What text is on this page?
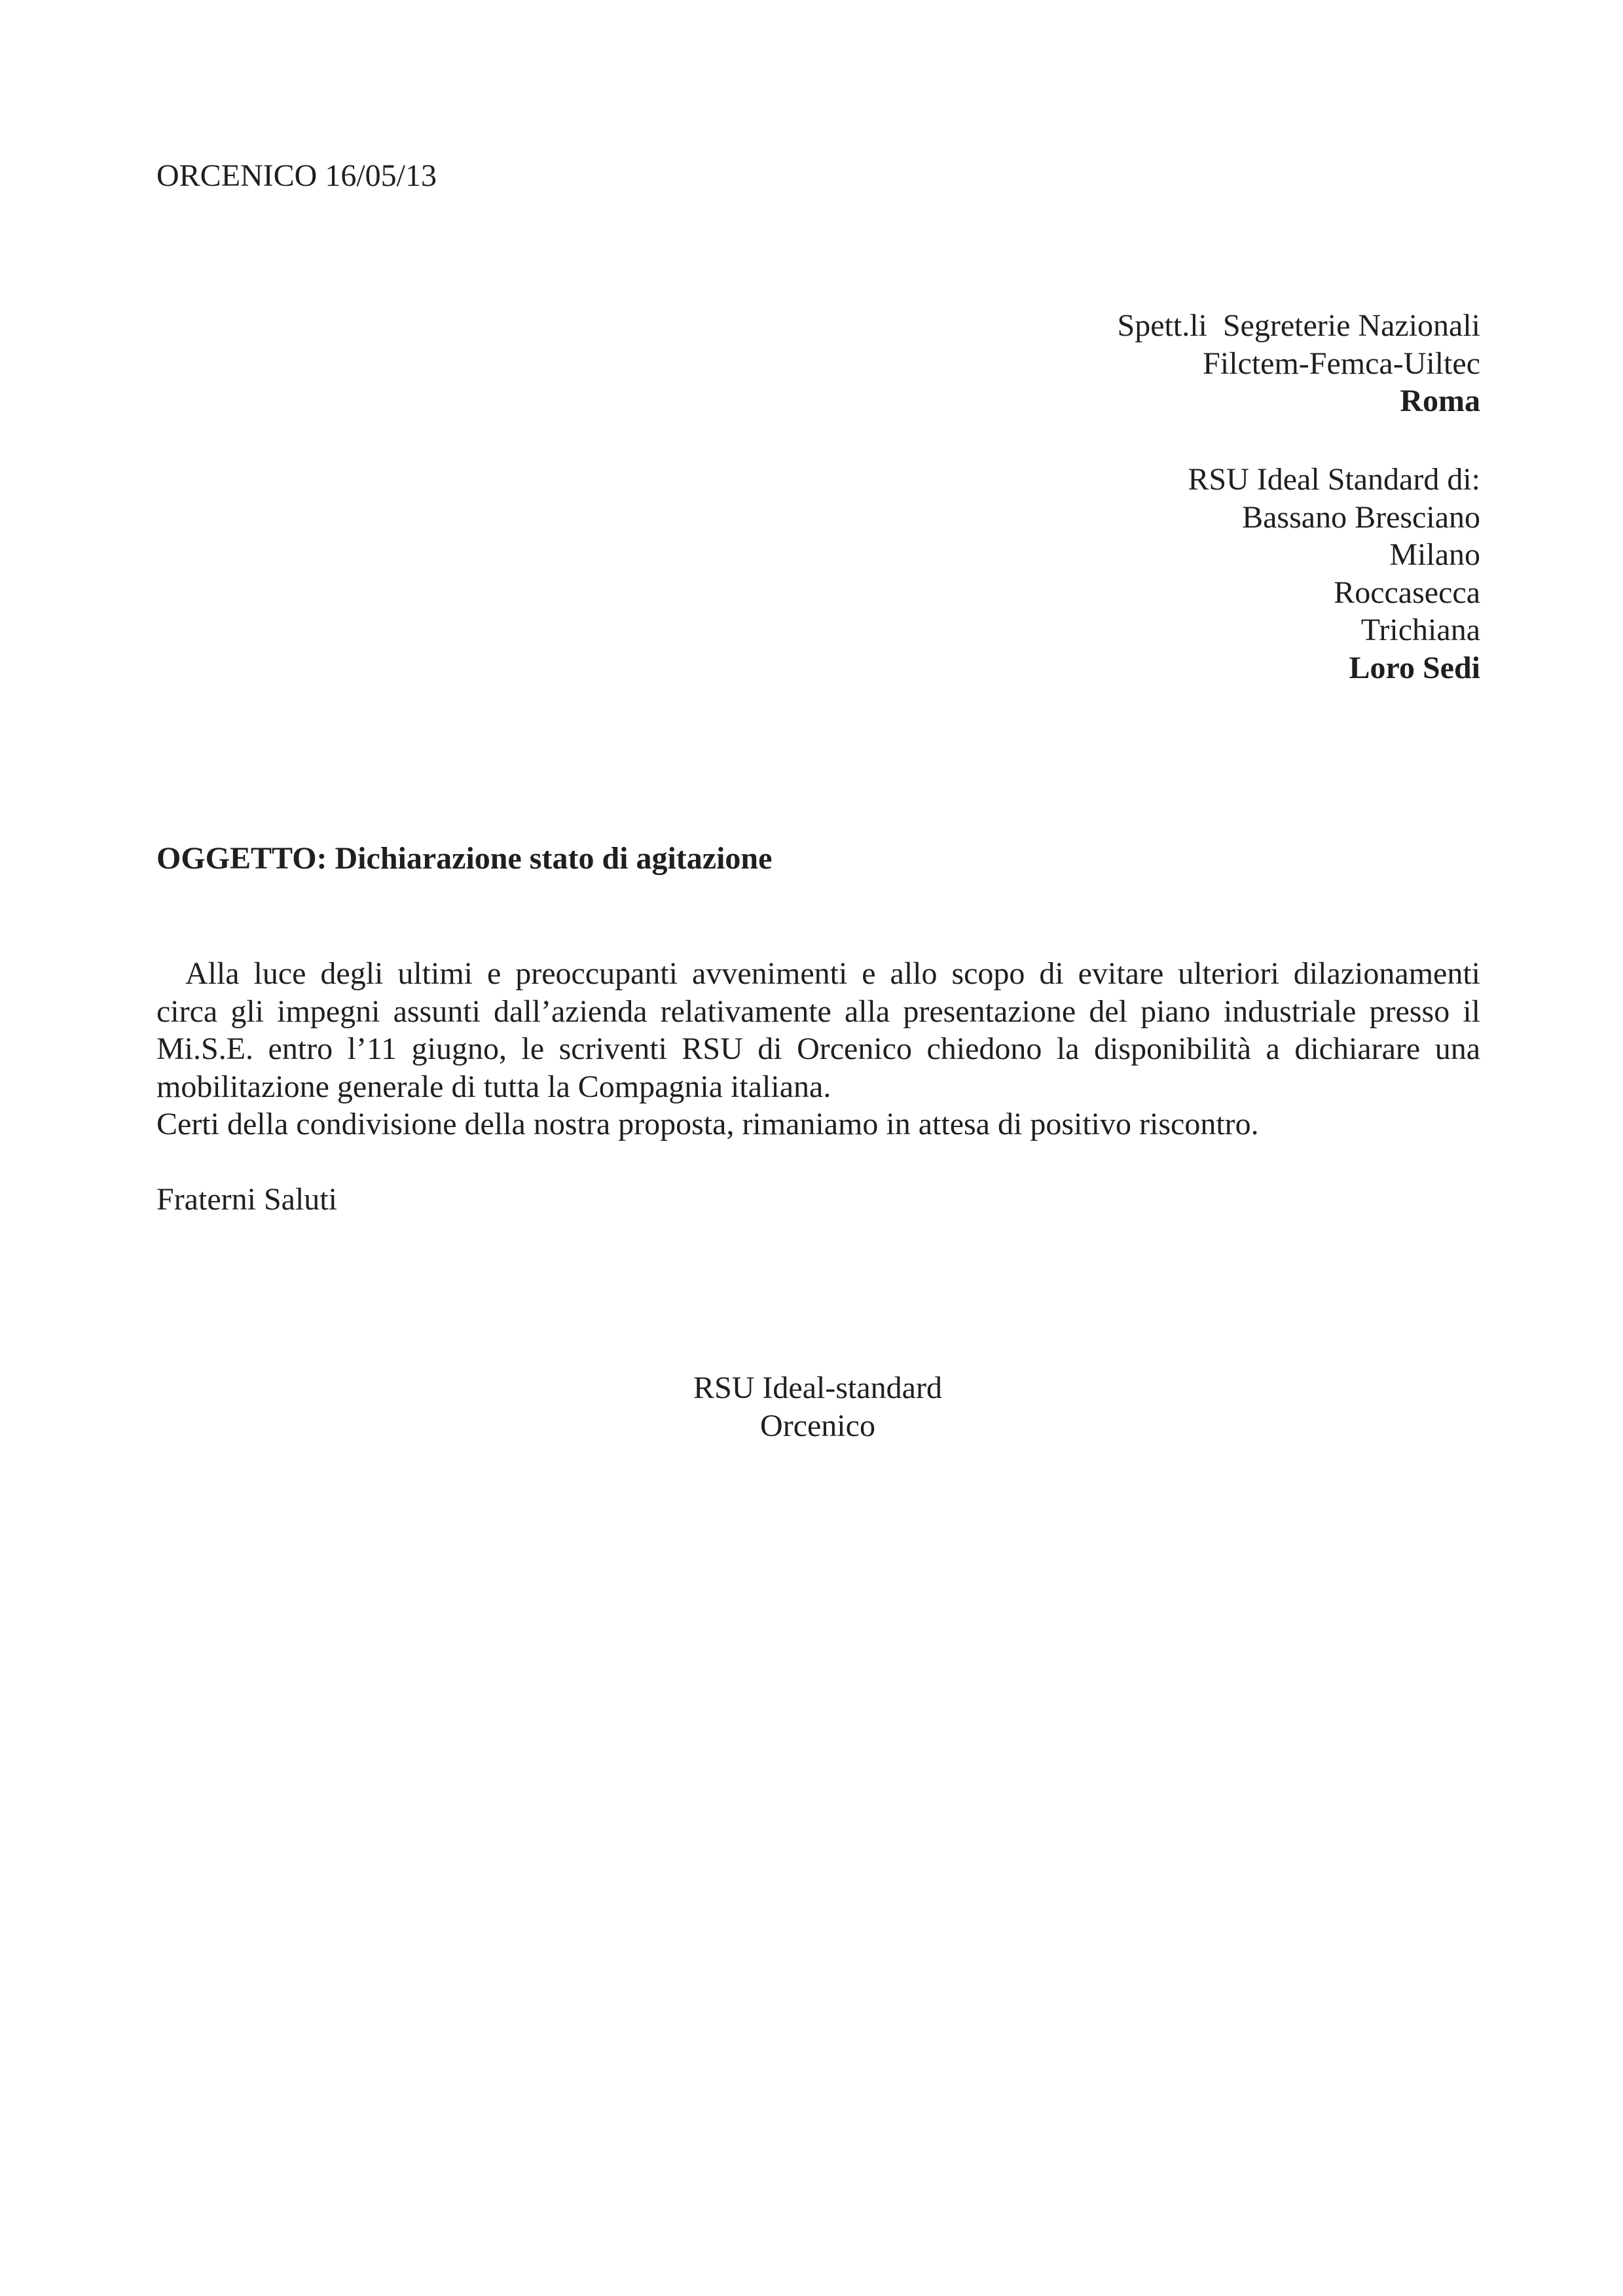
ORCENICO 16/05/13
Spett.li  Segreterie Nazionali
Filctem-Femca-Uiltec
Roma
RSU Ideal Standard di:
Bassano Bresciano
Milano
Roccasecca
Trichiana
Loro Sedi
OGGETTO: Dichiarazione stato di agitazione
Alla luce degli ultimi e preoccupanti avvenimenti e allo scopo di evitare ulteriori dilazionamenti
circa gli impegni assunti dall’azienda relativamente alla presentazione del piano industriale presso il
Mi.S.E. entro l’11 giugno, le scriventi RSU di Orcenico chiedono la disponibilità a dichiarare una
mobilitazione generale di tutta la Compagnia italiana.
Certi della condivisione della nostra proposta, rimaniamo in attesa di positivo riscontro.
Fraterni Saluti
RSU Ideal-standard
Orcenico
